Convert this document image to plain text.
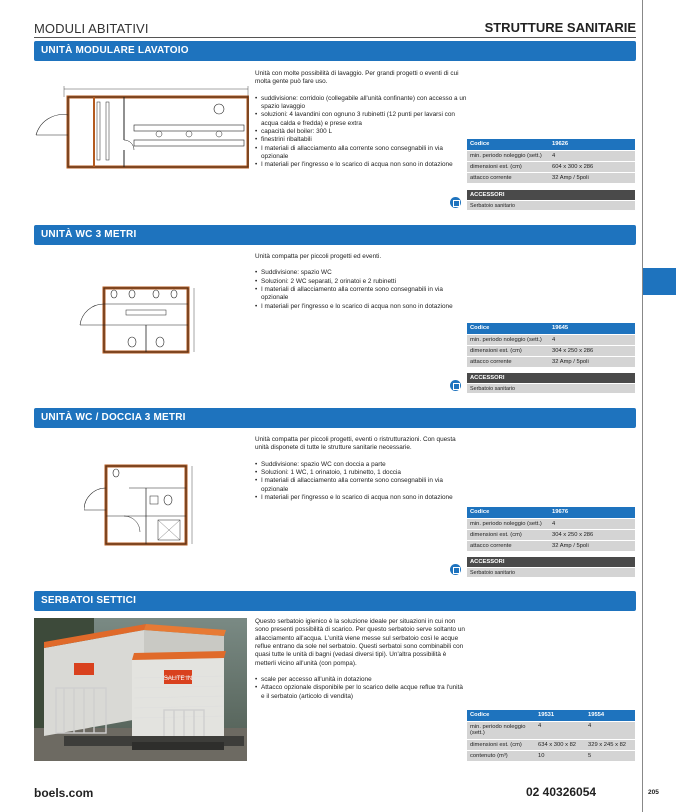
MODULI ABITATIVI	STRUTTURE SANITARIE
UNITÀ MODULARE LAVATOIO

Unità con molte possibilità di lavaggio. Per grandi progetti o eventi di cui molta gente può fare uso.

• suddivisione: corridoio (collegabile all'unità confinante) con accesso a un spazio lavaggio
• soluzioni: 4 lavandini con ognuno 3 rubinetti (12 punti per lavarsi con acqua calda e fredda) e prese extra
• capacità del boiler: 300 L
• finestrini ribaltabili
• I materiali di allacciamento alla corrente sono consegnabili in via opzionale
• I materiali per l'ingresso e lo scarico di acqua non sono in dotazione
Codice	19626
min. periodo noleggio (sett.)	4
dimensioni est. (cm)	604 x 300 x 286
attacco corrente	32 Amp / 5poli
ACCESSORI
Serbatoio sanitario
UNITÀ WC 3 METRI

Unità compatta per piccoli progetti ed eventi.

• Suddivisione: spazio WC
• Soluzioni: 2 WC separati, 2 orinatoi e 2 rubinetti
• I materiali di allacciamento alla corrente sono consegnabili in via opzionale
• I materiali per l'ingresso e lo scarico di acqua non sono in dotazione
Codice	19645
min. periodo noleggio (sett.)	4
dimensioni est. (cm)	304 x 250 x 286
attacco corrente	32 Amp / 5poli
ACCESSORI
Serbatoio sanitario
UNITÀ WC / DOCCIA 3 METRI

Unità compatta per piccoli progetti, eventi o ristrutturazioni. Con questa unità disponete di tutte le strutture sanitarie necessarie.

• Suddivisione: spazio WC con doccia a parte
• Soluzioni: 1 WC, 1 orinatoio, 1 rubinetto, 1 doccia
• I materiali di allacciamento alla corrente sono consegnabili in via opzionale
• I materiali per l'ingresso e lo scarico di acqua non sono in dotazione
Codice	19676
min. periodo noleggio (sett.)	4
dimensioni est. (cm)	304 x 250 x 286
attacco corrente	32 Amp / 5poli
ACCESSORI
Serbatoio sanitario
SERBATOI SETTICI
SALITE IN

Questo serbatoio igienico è la soluzione ideale per situazioni in cui non sono presenti possibilità di scarico. Per questo serbatoio serve soltanto un allacciamento all'acqua. L'unità viene messe sul serbatoio così le acque reflue entrano da sole nel serbatoio. Questi serbatoi sono combinabili con quasi tutte le unità di bagni (vedasi diversi tipi). Un'altra possibilità è metterli vicino all'unità (con pompa).

• scale per accesso all'unità in dotazione
• Attacco opzionale disponibile per lo scarico delle acque reflue tra l'unità e il serbatoio (articolo di vendita)
Codice	19531	19554
min. periodo noleggio (sett.)	4	4
dimensioni est. (cm)	634 x 300 x 82	329 x 245 x 82
contenuto (m³)	10	5
boels.com	02 40326054	205
